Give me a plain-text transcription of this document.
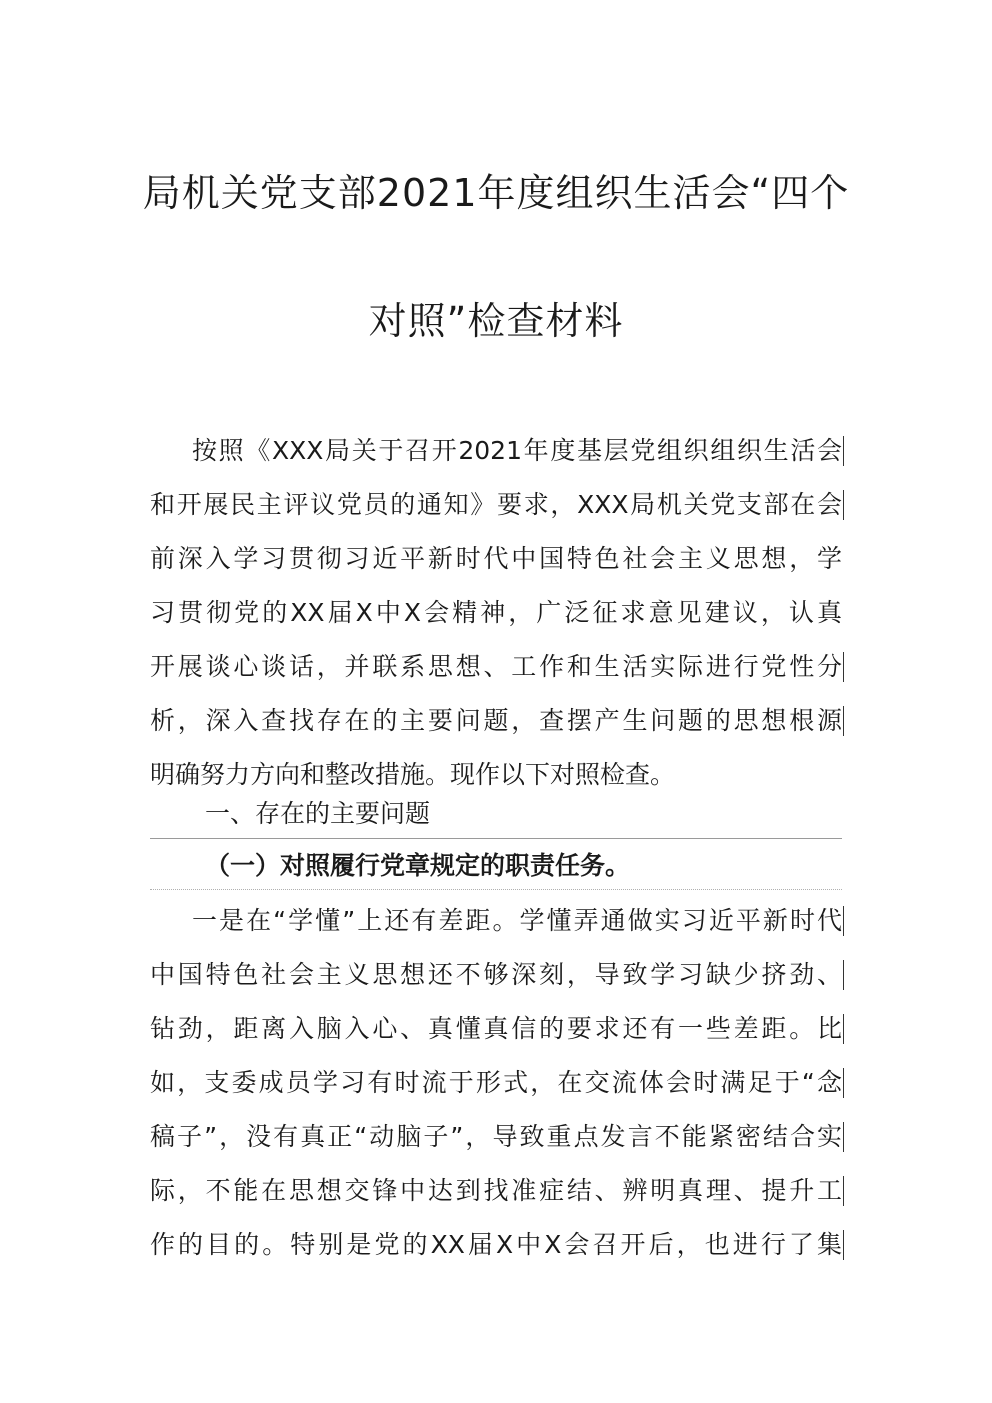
局机关党支部2021年度组织生活会“四个
对照”检查材料
按照《XXX局关于召开2021年度基层党组织组织生活会
和开展民主评议党员的通知》要求，XXX局机关党支部在会
前深入学习贯彻习近平新时代中国特色社会主义思想，学
习贯彻党的XX届X中X会精神，广泛征求意见建议，认真
开展谈心谈话，并联系思想、工作和生活实际进行党性分
析，深入查找存在的主要问题，查摆产生问题的思想根源
明确努力方向和整改措施。现作以下对照检查。
一、存在的主要问题
（一）对照履行党章规定的职责任务。
一是在“学懂”上还有差距。学懂弄通做实习近平新时代
中国特色社会主义思想还不够深刻，导致学习缺少挤劲、
钻劲，距离入脑入心、真懂真信的要求还有一些差距。比
如，支委成员学习有时流于形式，在交流体会时满足于“念
稿子”，没有真正“动脑子”，导致重点发言不能紧密结合实
际，不能在思想交锋中达到找准症结、辨明真理、提升工
作的目的。特别是党的XX届X中X会召开后，也进行了集
